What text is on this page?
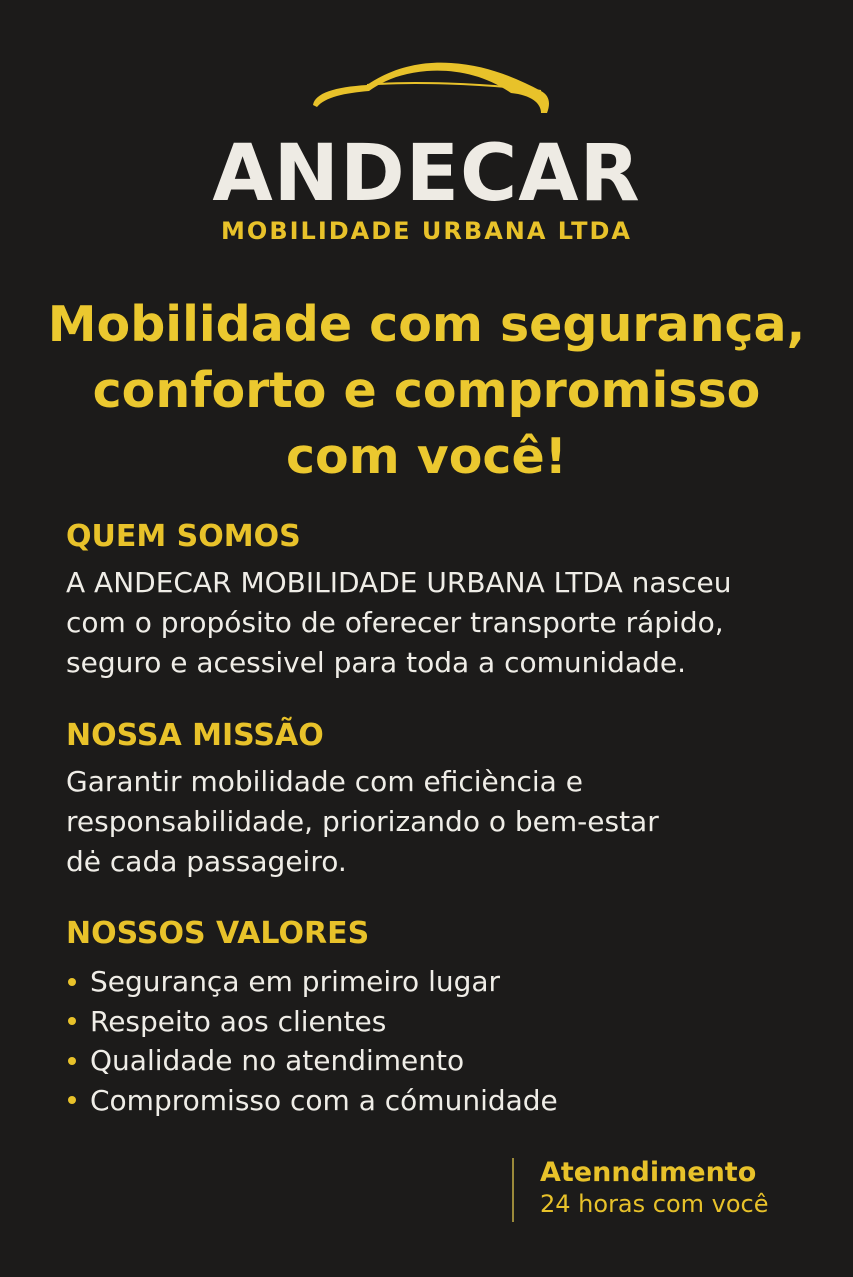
ANDECAR
MOBILIDADE URBANA LTDA
Mobilidade com segurança,
conforto e compromisso
com você!
QUEM SOMOS
A ANDECAR MOBILIDADE URBANA LTDA nasceu
com o propósito de oferecer transporte rápido,
seguro e acessivel para toda a comunidade.
NOSSA MISSÃO
Garantir mobilidade com eficiència e
responsabilidade, priorizando o bem-estar
dė cada passageiro.
NOSSOS VALORES
Segurança em primeiro lugar
Respeito aos clientes
Qualidade no atendimento
Compromisso com a cómunidade
Atenndimento
24 horas com você
